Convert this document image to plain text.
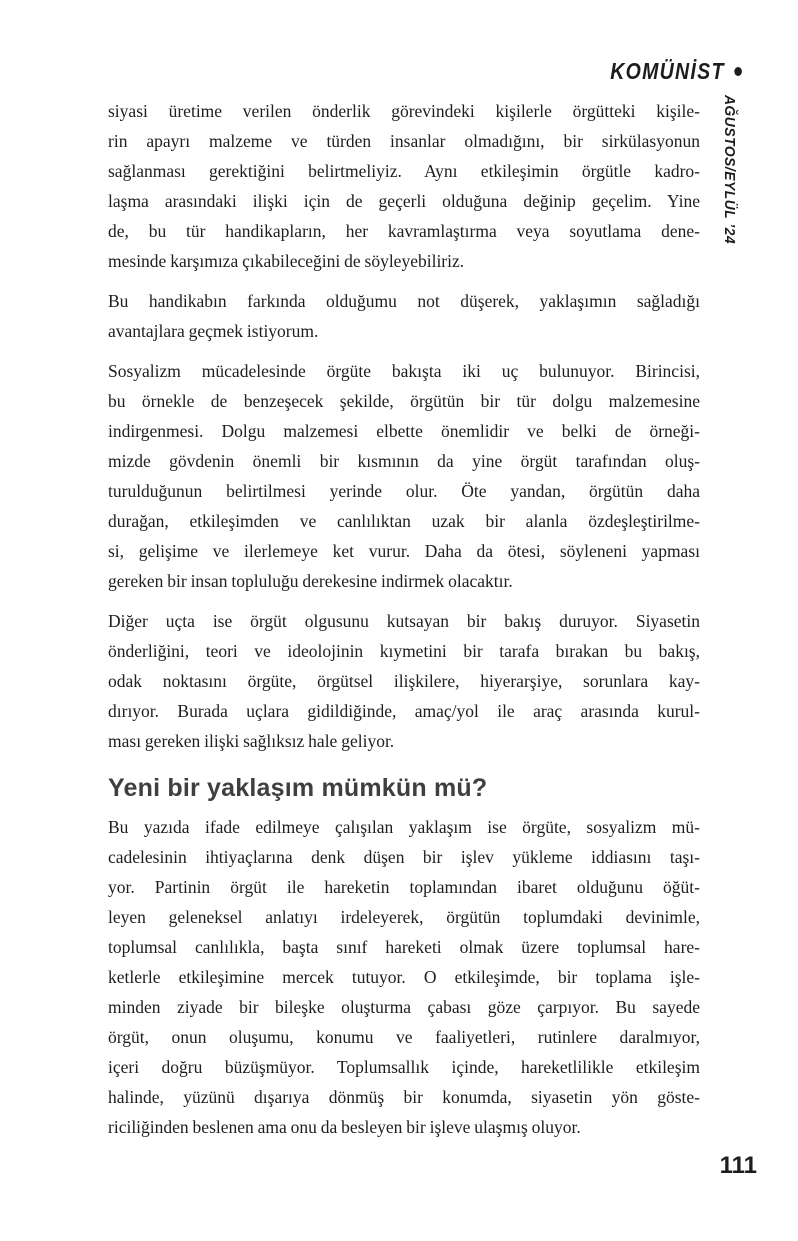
KOMÜNİST
AĞUSTOS/EYLÜL ’24

siyasi üretime verilen önderlik görevindeki kişilerle örgütteki kişile-
rin apayrı malzeme ve türden insanlar olmadığını, bir sirkülasyonun
sağlanması gerektiğini belirtmeliyiz. Aynı etkileşimin örgütle kadro-
laşma arasındaki ilişki için de geçerli olduğuna değinip geçelim. Yine
de, bu tür handikapların, her kavramlaştırma veya soyutlama dene-
mesinde karşımıza çıkabileceğini de söyleyebiliriz.

Bu handikabın farkında olduğumu not düşerek, yaklaşımın sağladığı
avantajlara geçmek istiyorum.

Sosyalizm mücadelesinde örgüte bakışta iki uç bulunuyor. Birincisi,
bu örnekle de benzeşecek şekilde, örgütün bir tür dolgu malzemesine
indirgenmesi. Dolgu malzemesi elbette önemlidir ve belki de örneği-
mizde gövdenin önemli bir kısmının da yine örgüt tarafından oluş-
turulduğunun belirtilmesi yerinde olur. Öte yandan, örgütün daha
durağan, etkileşimden ve canlılıktan uzak bir alanla özdeşleştirilme-
si, gelişime ve ilerlemeye ket vurur. Daha da ötesi, söyleneni yapması
gereken bir insan topluluğu derekesine indirmek olacaktır.

Diğer uçta ise örgüt olgusunu kutsayan bir bakış duruyor. Siyasetin
önderliğini, teori ve ideolojinin kıymetini bir tarafa bırakan bu bakış,
odak noktasını örgüte, örgütsel ilişkilere, hiyerarşiye, sorunlara kay-
dırıyor. Burada uçlara gidildiğinde, amaç/yol ile araç arasında kurul-
ması gereken ilişki sağlıksız hale geliyor.

Yeni bir yaklaşım mümkün mü?

Bu yazıda ifade edilmeye çalışılan yaklaşım ise örgüte, sosyalizm mü-
cadelesinin ihtiyaçlarına denk düşen bir işlev yükleme iddiasını taşı-
yor. Partinin örgüt ile hareketin toplamından ibaret olduğunu öğüt-
leyen geleneksel anlatıyı irdeleyerek, örgütün toplumdaki devinimle,
toplumsal canlılıkla, başta sınıf hareketi olmak üzere toplumsal hare-
ketlerle etkileşimine mercek tutuyor. O etkileşimde, bir toplama işle-
minden ziyade bir bileşke oluşturma çabası göze çarpıyor. Bu sayede
örgüt, onun oluşumu, konumu ve faaliyetleri, rutinlere daralmıyor,
içeri doğru büzüşmüyor. Toplumsallık içinde, hareketlilikle etkileşim
halinde, yüzünü dışarıya dönmüş bir konumda, siyasetin yön göste-
riciliğinden beslenen ama onu da besleyen bir işleve ulaşmış oluyor.

111
